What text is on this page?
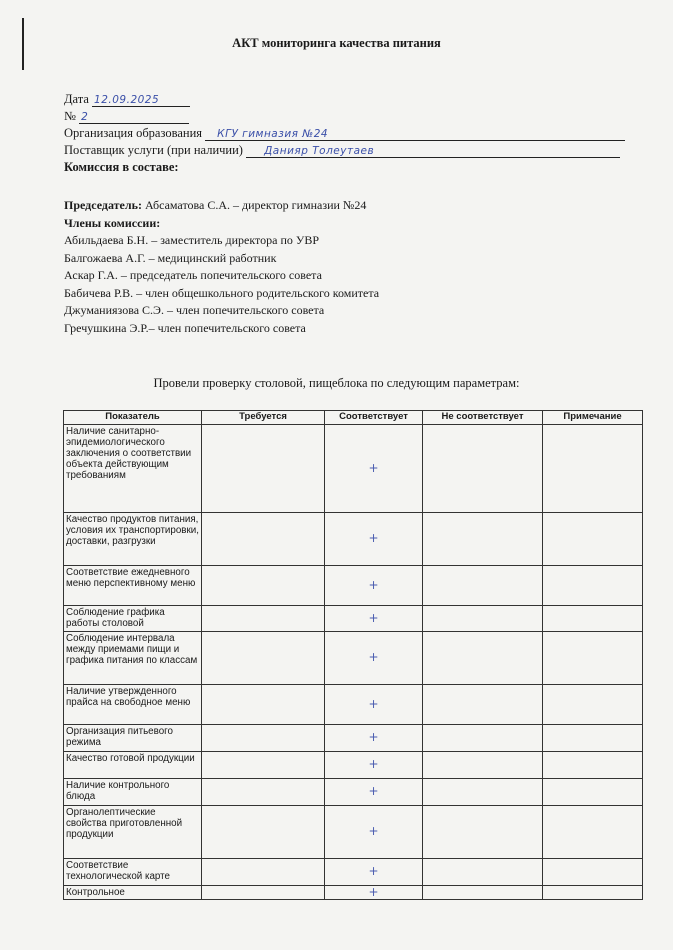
АКТ мониторинга качества питания
Дата 12.09.2025
№ 2
Организация образования КГУ гимназия №24
Поставщик услуги (при наличии) Данияр Толеутаев
Комиссия в составе:
Председатель: Абсаматова С.А. – директор гимназии №24
Члены комиссии:
Абильдаева Б.Н. – заместитель директора по УВР
Балгожаева А.Г. – медицинский работник
Аскар Г.А. – председатель попечительского совета
Бабичева Р.В. – член общешкольного родительского комитета
Джуманиязова С.Э. – член попечительского совета
Гречушкина Э.Р.– член попечительского совета
Провели проверку столовой, пищеблока по следующим параметрам:
Показатель	Требуется	Соответствует	Не соответствует	Примечание
Наличие санитарно-эпидемиологического заключения о соответствии объекта действующим требованиям		+		
Качество продуктов питания, условия их транспортировки, доставки, разгрузки		+		
Соответствие ежедневного меню перспективному меню		+		
Соблюдение графика работы столовой		+		
Соблюдение интервала между приемами пищи и графика питания по классам		+		
Наличие утвержденного прайса на свободное меню		+		
Организация питьевого режима		+		
Качество готовой продукции		+		
Наличие контрольного блюда		+		
Органолептические свойства приготовленной продукции		+		
Соответствие технологической карте		+		
Контрольное		+		
